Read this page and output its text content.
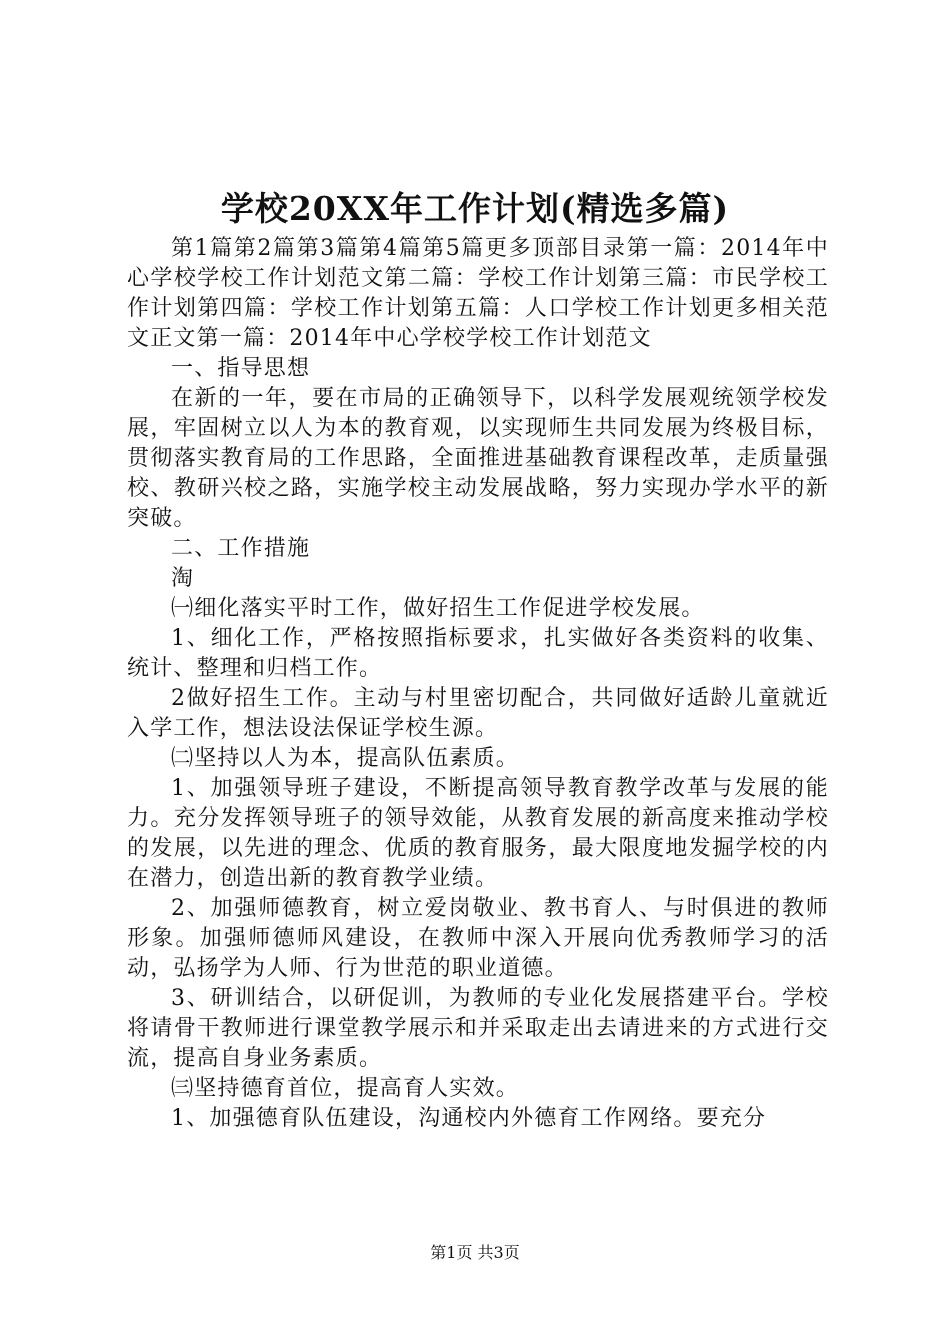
学校20XX年工作计划(精选多篇)

第1篇第2篇第3篇第4篇第5篇更多顶部目录第一篇：2014年中心学校学校工作计划范文第二篇：学校工作计划第三篇：市民学校工作计划第四篇：学校工作计划第五篇：人口学校工作计划更多相关范文正文第一篇：2014年中心学校学校工作计划范文

一、指导思想

在新的一年，要在市局的正确领导下，以科学发展观统领学校发展，牢固树立以人为本的教育观，以实现师生共同发展为终极目标，贯彻落实教育局的工作思路，全面推进基础教育课程改革，走质量强校、教研兴校之路，实施学校主动发展战略，努力实现办学水平的新突破。

二、工作措施

淘

㈠细化落实平时工作，做好招生工作促进学校发展。

1、细化工作，严格按照指标要求，扎实做好各类资料的收集、统计、整理和归档工作。

2做好招生工作。主动与村里密切配合，共同做好适龄儿童就近入学工作，想法设法保证学校生源。

㈡坚持以人为本，提高队伍素质。

1、加强领导班子建设，不断提高领导教育教学改革与发展的能力。充分发挥领导班子的领导效能，从教育发展的新高度来推动学校的发展，以先进的理念、优质的教育服务，最大限度地发掘学校的内在潜力，创造出新的教育教学业绩。

2、加强师德教育，树立爱岗敬业、教书育人、与时俱进的教师形象。加强师德师风建设，在教师中深入开展向优秀教师学习的活动，弘扬学为人师、行为世范的职业道德。

3、研训结合，以研促训，为教师的专业化发展搭建平台。学校将请骨干教师进行课堂教学展示和并采取走出去请进来的方式进行交流，提高自身业务素质。

㈢坚持德育首位，提高育人实效。

1、加强德育队伍建设，沟通校内外德育工作网络。要充分

第1页 共3页
